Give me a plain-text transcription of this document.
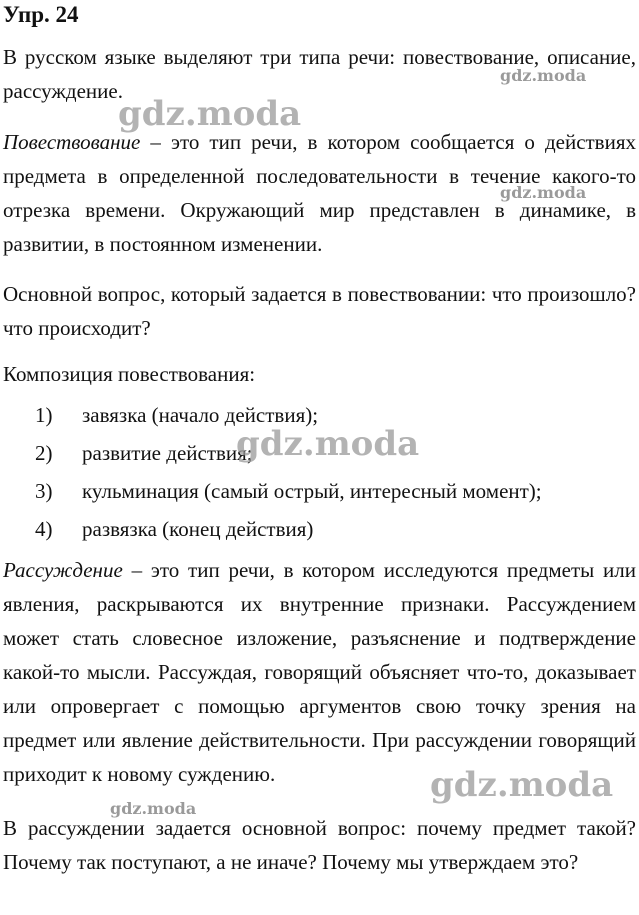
Упр. 24

В русском языке выделяют три типа речи: повествование, описание, рассуждение.

Повествование – это тип речи, в котором сообщается о действиях предмета в определенной последовательности в течение какого-то отрезка времени. Окружающий мир представлен в динамике, в развитии, в постоянном изменении.

Основной вопрос, который задается в повествовании: что произошло? что происходит?

Композиция повествования:

1) завязка (начало действия);
2) развитие действия;
3) кульминация (самый острый, интересный момент);
4) развязка (конец действия)

Рассуждение – это тип речи, в котором исследуются предметы или явления, раскрываются их внутренние признаки. Рассуждением может стать словесное изложение, разъяснение и подтверждение какой-то мысли. Рассуждая, говорящий объясняет что-то, доказывает или опровергает с помощью аргументов свою точку зрения на предмет или явление действительности. При рассуждении говорящий приходит к новому суждению.

В рассуждении задается основной вопрос: почему предмет такой? Почему так поступают, а не иначе? Почему мы утверждаем это?

gdz.moda
gdz.moda
gdz.moda
gdz.moda
gdz.moda
gdz.moda
